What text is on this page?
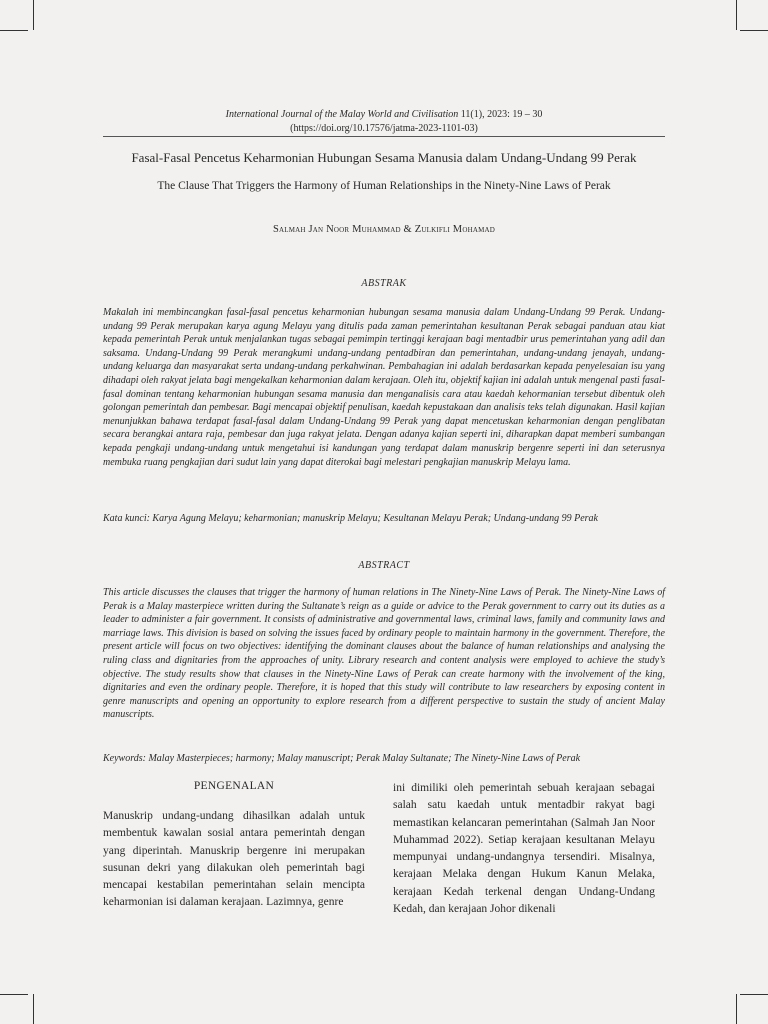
International Journal of the Malay World and Civilisation 11(1), 2023: 19 – 30
(https://doi.org/10.17576/jatma-2023-1101-03)
Fasal-Fasal Pencetus Keharmonian Hubungan Sesama Manusia dalam Undang-Undang 99 Perak
The Clause That Triggers the Harmony of Human Relationships in the Ninety-Nine Laws of Perak
Salmah Jan Noor Muhammad & Zulkifli Mohamad
ABSTRAK

Makalah ini membincangkan fasal-fasal pencetus keharmonian hubungan sesama manusia dalam Undang-Undang 99 Perak. Undang-undang 99 Perak merupakan karya agung Melayu yang ditulis pada zaman pemerintahan kesultanan Perak sebagai panduan atau kiat kepada pemerintah Perak untuk menjalankan tugas sebagai pemimpin tertinggi kerajaan bagi mentadbir urus pemerintahan yang adil dan saksama. Undang-Undang 99 Perak merangkumi undang-undang pentadbiran dan pemerintahan, undang-undang jenayah, undang-undang keluarga dan masyarakat serta undang-undang perkahwinan. Pembahagian ini adalah berdasarkan kepada penyelesaian isu yang dihadapi oleh rakyat jelata bagi mengekalkan keharmonian dalam kerajaan. Oleh itu, objektif kajian ini adalah untuk mengenal pasti fasal-fasal dominan tentang keharmonian hubungan sesama manusia dan menganalisis cara atau kaedah kehormanian tersebut dibentuk oleh golongan pemerintah dan pembesar. Bagi mencapai objektif penulisan, kaedah kepustakaan dan analisis teks telah digunakan. Hasil kajian menunjukkan bahawa terdapat fasal-fasal dalam Undang-Undang 99 Perak yang dapat mencetuskan keharmonian dengan penglibatan secara berangkai antara raja, pembesar dan juga rakyat jelata. Dengan adanya kajian seperti ini, diharapkan dapat memberi sumbangan kepada pengkaji undang-undang untuk mengetahui isi kandungan yang terdapat dalam manuskrip bergenre seperti ini dan seterusnya membuka ruang pengkajian dari sudut lain yang dapat diterokai bagi melestari pengkajian manuskrip Melayu lama.

Kata kunci: Karya Agung Melayu; keharmonian; manuskrip Melayu; Kesultanan Melayu Perak; Undang-undang 99 Perak

ABSTRACT

This article discusses the clauses that trigger the harmony of human relations in The Ninety-Nine Laws of Perak. The Ninety-Nine Laws of Perak is a Malay masterpiece written during the Sultanate’s reign as a guide or advice to the Perak government to carry out its duties as a leader to administer a fair government. It consists of administrative and governmental laws, criminal laws, family and community laws and marriage laws. This division is based on solving the issues faced by ordinary people to maintain harmony in the government. Therefore, the present article will focus on two objectives: identifying the dominant clauses about the balance of human relationships and analysing the ruling class and dignitaries from the approaches of unity. Library research and content analysis were employed to achieve the study’s objective. The study results show that clauses in the Ninety-Nine Laws of Perak can create harmony with the involvement of the king, dignitaries and even the ordinary people. Therefore, it is hoped that this study will contribute to law researchers by exposing content in genre manuscripts and opening an opportunity to explore research from a different perspective to sustain the study of ancient Malay manuscripts.

Keywords: Malay Masterpieces; harmony; Malay manuscript; Perak Malay Sultanate; The Ninety-Nine Laws of Perak

PENGENALAN

Manuskrip undang-undang dihasilkan adalah untuk membentuk kawalan sosial antara pemerintah dengan yang diperintah. Manuskrip bergenre ini merupakan susunan dekri yang dilakukan oleh pemerintah bagi mencapai kestabilan pemerintahan selain mencipta keharmonian isi dalaman kerajaan. Lazimnya, genre

ini dimiliki oleh pemerintah sebuah kerajaan sebagai salah satu kaedah untuk mentadbir rakyat bagi memastikan kelancaran pemerintahan (Salmah Jan Noor Muhammad 2022). Setiap kerajaan kesultanan Melayu mempunyai undang-undangnya tersendiri. Misalnya, kerajaan Melaka dengan Hukum Kanun Melaka, kerajaan Kedah terkenal dengan Undang-Undang Kedah, dan kerajaan Johor dikenali
